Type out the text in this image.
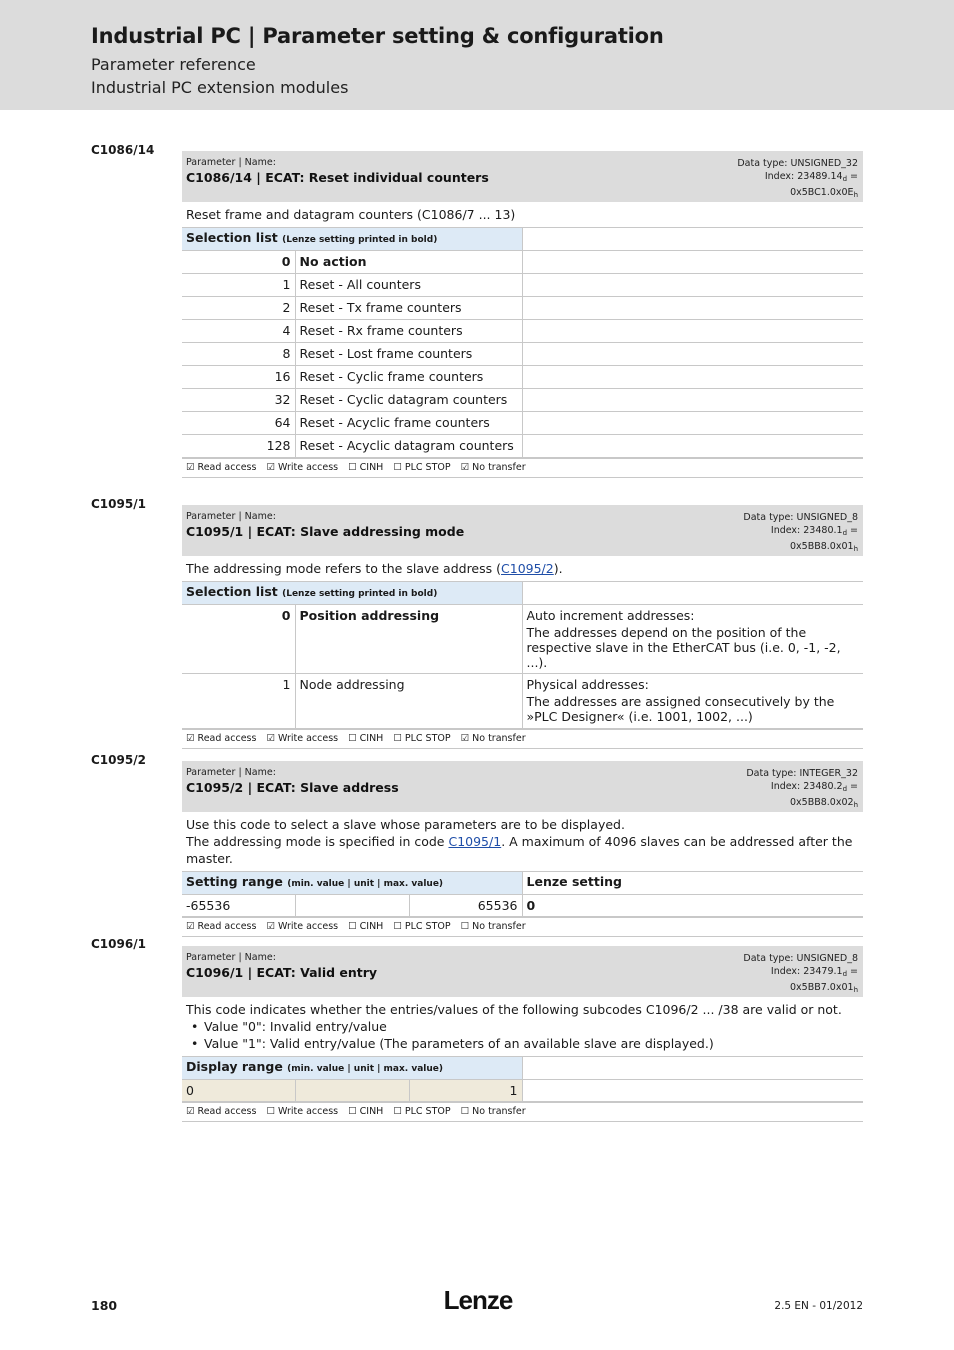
Industrial PC | Parameter setting & configuration
Parameter reference
Industrial PC extension modules
C1086/14
Parameter | Name:
C1086/14 | ECAT: Reset individual counters
Data type: UNSIGNED_32
Index: $23489.14_d$ =
$0x5BC1.0x0E_h$
Reset frame and datagram counters (C1086/7 ... 13)
Selection list (Lenze setting printed in bold)		
0	No action	
1	Reset - All counters	
2	Reset - Tx frame counters	
4	Reset - Rx frame counters	
8	Reset - Lost frame counters	
16	Reset - Cyclic frame counters	
32	Reset - Cyclic datagram counters	
64	Reset - Acyclic frame counters	
128	Reset - Acyclic datagram counters	
☑ Read access ☑ Write access ☐ CINH ☐ PLC STOP ☑ No transfer
C1095/1
Parameter | Name:
C1095/1 | ECAT: Slave addressing mode
Data type: UNSIGNED_8
Index: $23480.1_d$ =
$0x5BB8.0x01_h$
The addressing mode refers to the slave address (C1095/2).
Selection list (Lenze setting printed in bold)		
0	Position addressing	Auto increment addresses:
The addresses depend on the position of the respective slave in the EtherCAT bus (i.e. 0, -1, -2, ...).

1	Node addressing	Physical addresses:
The addresses are assigned consecutively by the »PLC Designer« (i.e. 1001, 1002, ...)
☑ Read access ☑ Write access ☐ CINH ☐ PLC STOP ☑ No transfer
C1095/2
Parameter | Name:
C1095/2 | ECAT: Slave address
Data type: INTEGER_32
Index: $23480.2_d$ =
$0x5BB8.0x02_h$
Use this code to select a slave whose parameters are to be displayed.
The addressing mode is specified in code C1095/1. A maximum of 4096 slaves can be addressed after the master.
Setting range (min. value | unit | max. value)			Lenze setting
-65536		65536	0
☑ Read access ☑ Write access ☐ CINH ☐ PLC STOP ☐ No transfer
C1096/1
Parameter | Name:
C1096/1 | ECAT: Valid entry
Data type: UNSIGNED_8
Index: $23479.1_d$ =
$0x5BB7.0x01_h$
This code indicates whether the entries/values of the following subcodes C1096/2 ... /38 are valid or not.
• Value "0": Invalid entry/value
• Value "1": Valid entry/value (The parameters of an available slave are displayed.)
Display range (min. value | unit | max. value)			
0		1	
☑ Read access ☐ Write access ☐ CINH ☐ PLC STOP ☐ No transfer
180	Lenze	2.5 EN - 01/2012
